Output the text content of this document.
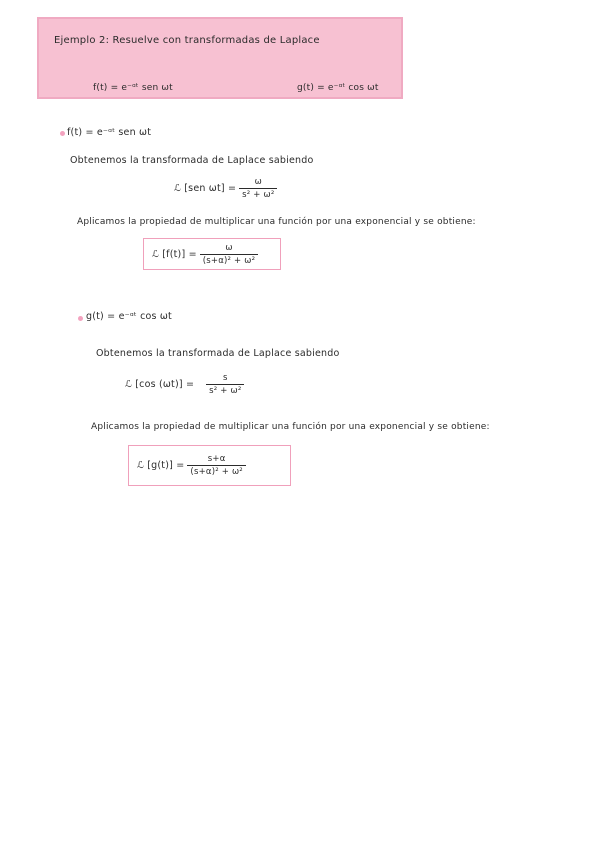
Ejemplo 2: Resuelve con transformadas de Laplace
f(t) = e⁻ᵅᵗ sen ωt	g(t) = e⁻ᵅᵗ cos ωt
f(t) = e⁻ᵅᵗ sen ωt
Obtenemos la transformada de Laplace sabiendo
ℒ [sen $\omega t] = \frac{\omega}{\text{s² + ω²}}$
Aplicamos la propiedad de multiplicar una función por una exponencial y se obtiene:
ℒ $[f(t)] = \frac{\omega}{\text{(s+α)² + ω²}}$
g(t) = e⁻ᵅᵗ cos ωt
Obtenemos la transformada de Laplace sabiendo
ℒ [cos $(\omega t)] = \frac{s}{\text{s² + ω²}}$
Aplicamos la propiedad de multiplicar una función por una exponencial y se obtiene:
ℒ $[g(t)] = \frac{s+\alpha}{\text{(s+α)² + ω²}}$
